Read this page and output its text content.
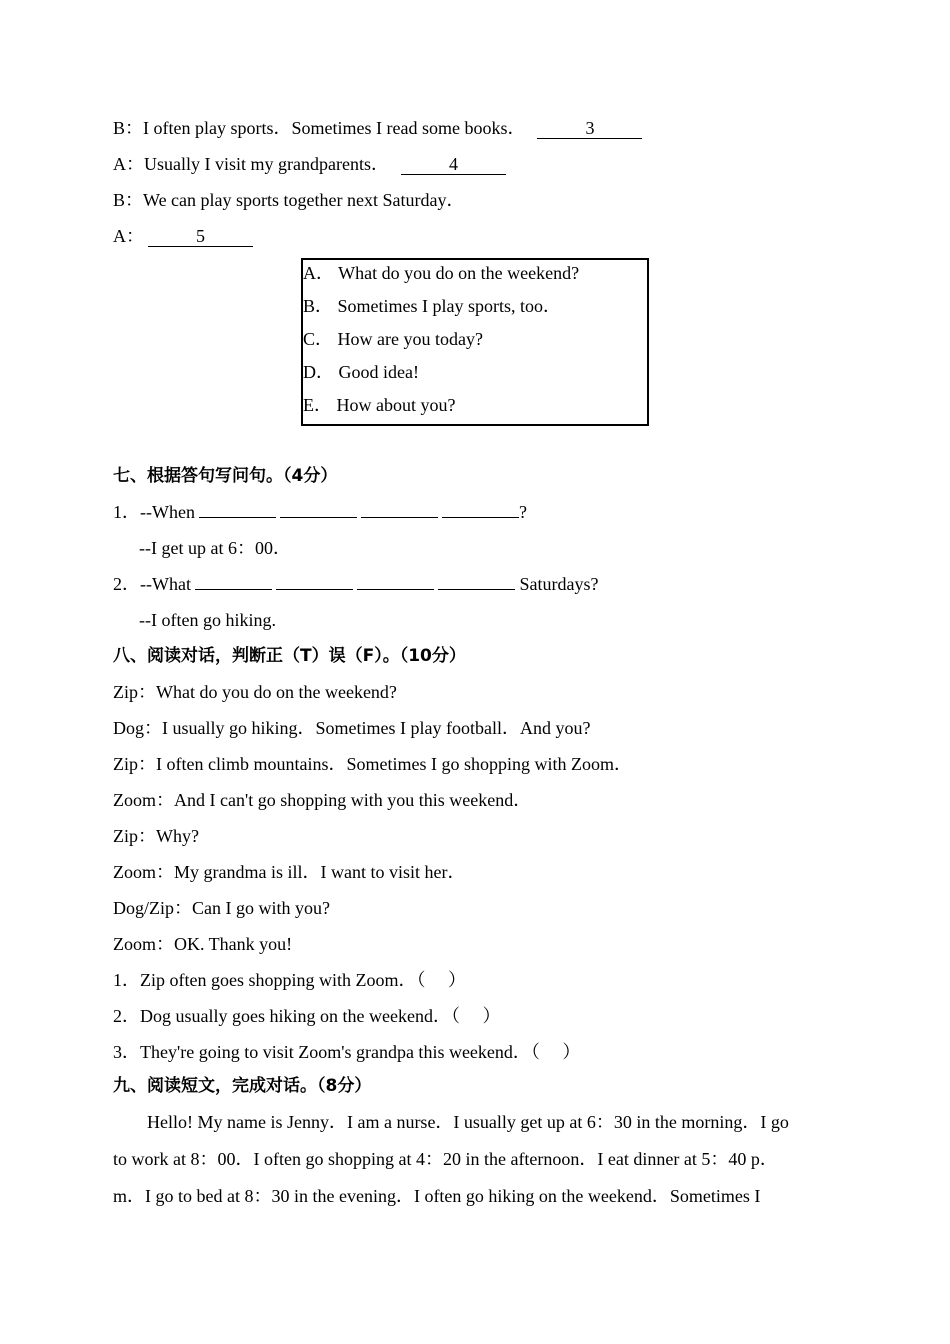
B：I often play sports．Sometimes I read some books．	3
A：Usually I visit my grandparents．	4
B：We can play sports together next Saturday．
A：	5
A． What do you do on the weekend?
B． Sometimes I play sports, too．
C． How are you today?
D． Good idea!
E． How about you?
七、根据答句写问句。（4分）
1．--When	?
--I get up at 6：00．
2．--What	Saturdays?
--I often go hiking.
八、阅读对话，判断正（T）误（F）。（10分）
Zip：What do you do on the weekend?
Dog：I usually go hiking．Sometimes I play football．And you?
Zip：I often climb mountains．Sometimes I go shopping with Zoom．
Zoom：And I can't go shopping with you this weekend．
Zip：Why?
Zoom：My grandma is ill．I want to visit her．
Dog/Zip：Can I go with you?
Zoom：OK. Thank you!
1．Zip often goes shopping with Zoom．（　 ）
2．Dog usually goes hiking on the weekend．（　 ）
3．They're going to visit Zoom's grandpa this weekend．（　 ）
九、阅读短文，完成对话。（8分）
Hello! My name is Jenny．I am a nurse．I usually get up at 6：30 in the morning．I go
to work at 8：00．I often go shopping at 4：20 in the afternoon．I eat dinner at 5：40 p．
m．I go to bed at 8：30 in the evening．I often go hiking on the weekend．Sometimes I
